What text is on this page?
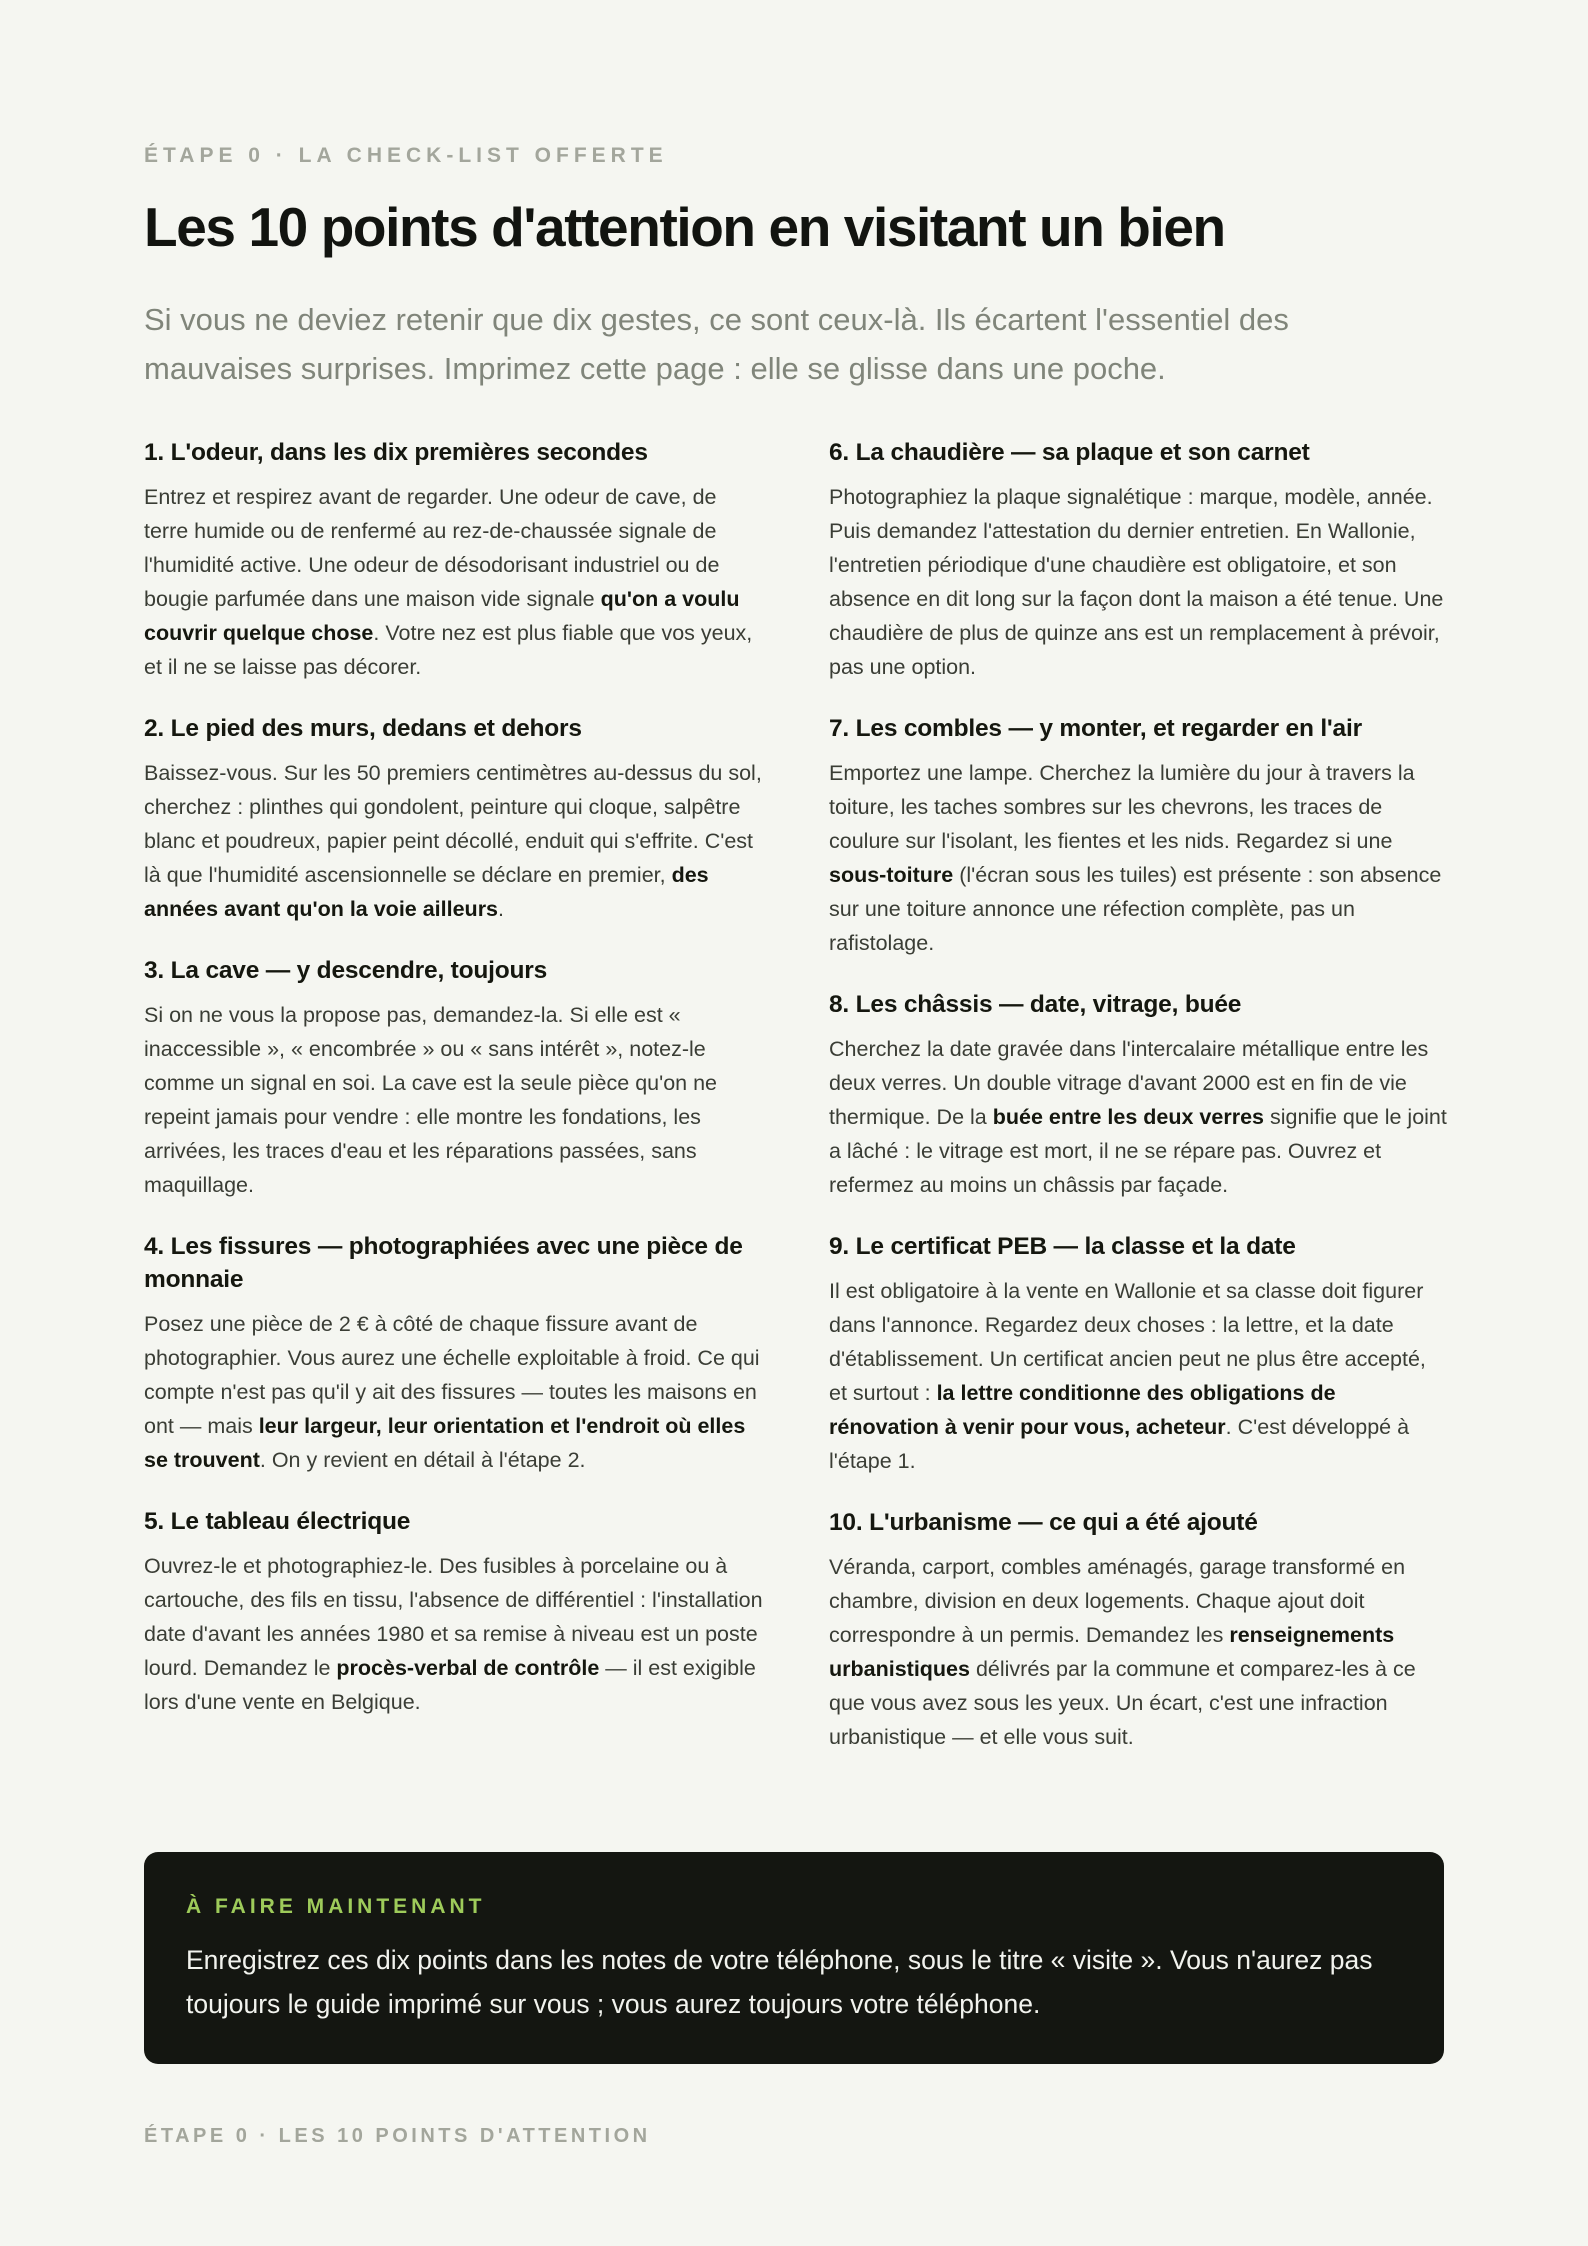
ÉTAPE 0 · LA CHECK-LIST OFFERTE
Les 10 points d'attention en visitant un bien

Si vous ne deviez retenir que dix gestes, ce sont ceux-là. Ils écartent l'essentiel des mauvaises surprises. Imprimez cette page : elle se glisse dans une poche.

1. L'odeur, dans les dix premières secondes

Entrez et respirez avant de regarder. Une odeur de cave, de terre humide ou de renfermé au rez-de-chaussée signale de l'humidité active. Une odeur de désodorisant industriel ou de bougie parfumée dans une maison vide signale qu'on a voulu couvrir quelque chose. Votre nez est plus fiable que vos yeux, et il ne se laisse pas décorer.

2. Le pied des murs, dedans et dehors

Baissez-vous. Sur les 50 premiers centimètres au-dessus du sol, cherchez : plinthes qui gondolent, peinture qui cloque, salpêtre blanc et poudreux, papier peint décollé, enduit qui s'effrite. C'est là que l'humidité ascensionnelle se déclare en premier, des années avant qu'on la voie ailleurs.

3. La cave — y descendre, toujours

Si on ne vous la propose pas, demandez-la. Si elle est « inaccessible », « encombrée » ou « sans intérêt », notez-le comme un signal en soi. La cave est la seule pièce qu'on ne repeint jamais pour vendre : elle montre les fondations, les arrivées, les traces d'eau et les réparations passées, sans maquillage.

4. Les fissures — photographiées avec une pièce de monnaie

Posez une pièce de 2 € à côté de chaque fissure avant de photographier. Vous aurez une échelle exploitable à froid. Ce qui compte n'est pas qu'il y ait des fissures — toutes les maisons en ont — mais leur largeur, leur orientation et l'endroit où elles se trouvent. On y revient en détail à l'étape 2.

5. Le tableau électrique

Ouvrez-le et photographiez-le. Des fusibles à porcelaine ou à cartouche, des fils en tissu, l'absence de différentiel : l'installation date d'avant les années 1980 et sa remise à niveau est un poste lourd. Demandez le procès-verbal de contrôle — il est exigible lors d'une vente en Belgique.

6. La chaudière — sa plaque et son carnet

Photographiez la plaque signalétique : marque, modèle, année. Puis demandez l'attestation du dernier entretien. En Wallonie, l'entretien périodique d'une chaudière est obligatoire, et son absence en dit long sur la façon dont la maison a été tenue. Une chaudière de plus de quinze ans est un remplacement à prévoir, pas une option.

7. Les combles — y monter, et regarder en l'air

Emportez une lampe. Cherchez la lumière du jour à travers la toiture, les taches sombres sur les chevrons, les traces de coulure sur l'isolant, les fientes et les nids. Regardez si une sous-toiture (l'écran sous les tuiles) est présente : son absence sur une toiture annonce une réfection complète, pas un rafistolage.

8. Les châssis — date, vitrage, buée

Cherchez la date gravée dans l'intercalaire métallique entre les deux verres. Un double vitrage d'avant 2000 est en fin de vie thermique. De la buée entre les deux verres signifie que le joint a lâché : le vitrage est mort, il ne se répare pas. Ouvrez et refermez au moins un châssis par façade.

9. Le certificat PEB — la classe et la date

Il est obligatoire à la vente en Wallonie et sa classe doit figurer dans l'annonce. Regardez deux choses : la lettre, et la date d'établissement. Un certificat ancien peut ne plus être accepté, et surtout : la lettre conditionne des obligations de rénovation à venir pour vous, acheteur. C'est développé à l'étape 1.

10. L'urbanisme — ce qui a été ajouté

Véranda, carport, combles aménagés, garage transformé en chambre, division en deux logements. Chaque ajout doit correspondre à un permis. Demandez les renseignements urbanistiques délivrés par la commune et comparez-les à ce que vous avez sous les yeux. Un écart, c'est une infraction urbanistique — et elle vous suit.

À FAIRE MAINTENANT

Enregistrez ces dix points dans les notes de votre téléphone, sous le titre « visite ». Vous n'aurez pas toujours le guide imprimé sur vous ; vous aurez toujours votre téléphone.

ÉTAPE 0 · LES 10 POINTS D'ATTENTION
